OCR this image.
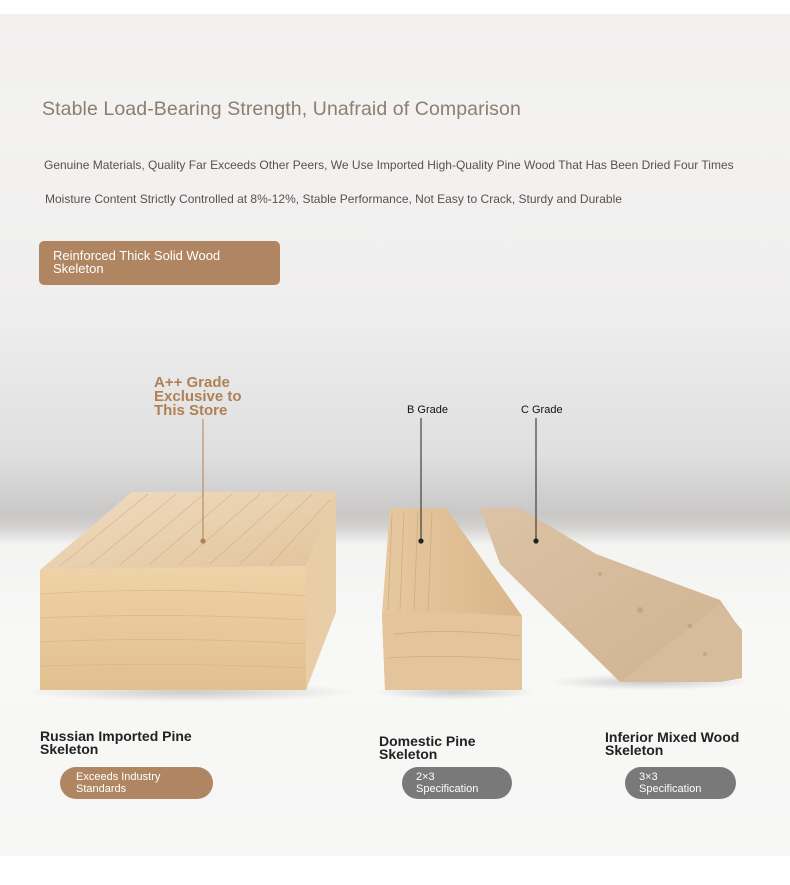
Stable Load-Bearing Strength, Unafraid of Comparison

Genuine Materials, Quality Far Exceeds Other Peers, We Use Imported High-Quality Pine Wood That Has Been Dried Four Times

Moisture Content Strictly Controlled at 8%-12%, Stable Performance, Not Easy to Crack, Sturdy and Durable

Reinforced Thick Solid Wood
Skeleton
A++ Grade
Exclusive to
This Store	B Grade	C Grade
Russian Imported Pine
Skeleton	Domestic Pine
Skeleton
Inferior Mixed Wood
Skeleton
Exceeds Industry
Standards
2×3 Specification
3×3 Specification
